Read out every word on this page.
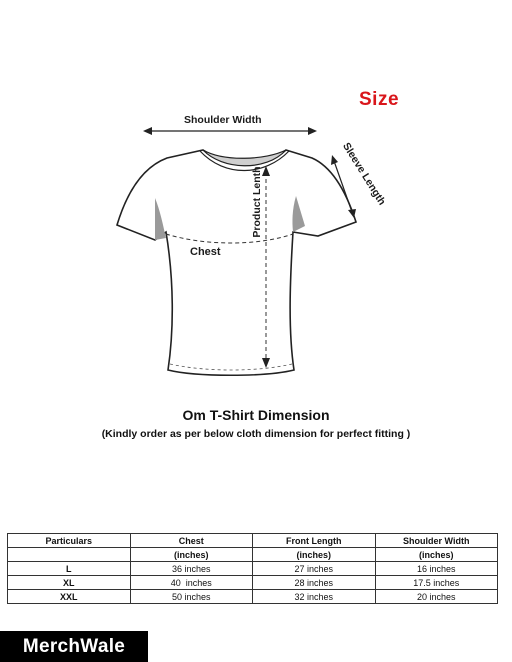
Size
Shoulder Width
Sleeve Length
Product Lenth
Chest
Om T-Shirt Dimension
(Kindly order as per below cloth dimension for perfect fitting )
Particulars	Chest	Front Length	Shoulder Width
	(inches)	(inches)	(inches)
L	36 inches	27 inches	16 inches
XL	40  inches	28 inches	17.5 inches
XXL	50 inches	32 inches	20 inches
MerchWale
